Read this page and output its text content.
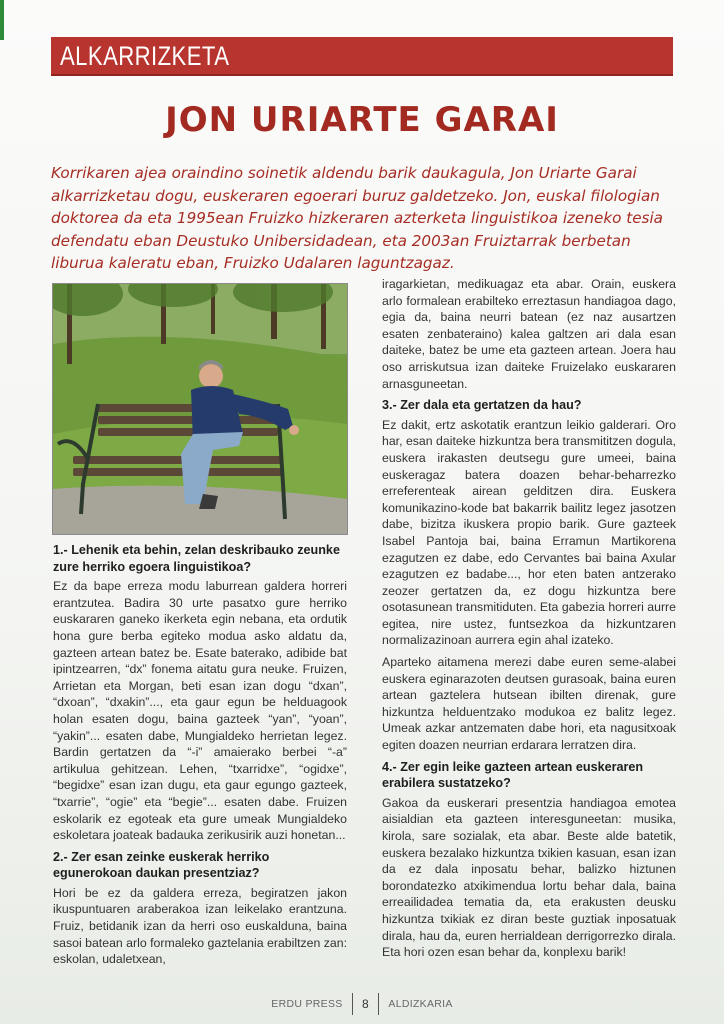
ALKARRIZKETA
JON URIARTE GARAI
Korrikaren ajea oraindino soinetik aldendu barik daukagula, Jon Uriarte Garai alkarrizketau dogu, euskeraren egoerari buruz galdetzeko. Jon, euskal filologian doktorea da eta 1995ean Fruizko hizkeraren azterketa linguistikoa izeneko tesia defendatu eban Deustuko Unibersidadean, eta 2003an Fruiztarrak berbetan liburua kaleratu eban, Fruizko Udalaren laguntzagaz.
1.- Lehenik eta behin, zelan deskribauko zeunke zure herriko egoera linguistikoa?

Ez da bape erreza modu laburrean galdera horreri erantzutea. Badira 30 urte pasatxo gure herriko euskararen ganeko ikerketa egin nebana, eta ordutik hona gure berba egiteko modua asko aldatu da, gazteen artean batez be. Esate baterako, adibide bat ipintzearren, “dx” fonema aitatu gura neuke. Fruizen, Arrietan eta Morgan, beti esan izan dogu “dxan”, “dxoan”, “dxakin”..., eta gaur egun be helduagook holan esaten dogu, baina gazteek “yan”, “yoan”, “yakin”... esaten dabe, Mungialdeko herrietan legez. Bardin gertatzen da “-i” amaierako berbei “-a” artikulua gehitzean. Lehen, “txarridxe”, “ogidxe”, “begidxe” esan izan dugu, eta gaur egungo gazteek, “txarrie”, “ogie” eta “begie”... esaten dabe. Fruizen eskolarik ez egoteak eta gure umeak Mungialdeko eskoletara joateak badauka zerikusirik auzi honetan...

2.- Zer esan zeinke euskerak herriko egunerokoan daukan presentziaz?

Hori be ez da galdera erreza, begiratzen jakon ikuspuntuaren araberakoa izan leikelako erantzuna. Fruiz, betidanik izan da herri oso euskalduna, baina sasoi batean arlo formaleko gaztelania erabiltzen zan: eskolan, udaletxean,

iragarkietan, medikuagaz eta abar. Orain, euskera arlo formalean erabilteko erreztasun handiagoa dago, egia da, baina neurri batean (ez naz ausartzen esaten zenbateraino) kalea galtzen ari dala esan daiteke, batez be ume eta gazteen artean. Joera hau oso arriskutsua izan daiteke Fruizelako euskararen arnasguneetan.

3.- Zer dala eta gertatzen da hau?

Ez dakit, ertz askotatik erantzun leikio galderari. Oro har, esan daiteke hizkuntza bera transmititzen dogula, euskera irakasten deutsegu gure umeei, baina euskeragaz batera doazen behar-beharrezko erreferenteak airean gelditzen dira. Euskera komunikazino-kode bat bakarrik bailitz legez jasotzen dabe, bizitza ikuskera propio barik. Gure gazteek Isabel Pantoja bai, baina Erramun Martikorena ezagutzen ez dabe, edo Cervantes bai baina Axular ezagutzen ez badabe..., hor eten baten antzerako zeozer gertatzen da, ez dogu hizkuntza bere osotasunean transmitiduten. Eta gabezia horreri aurre egitea, nire ustez, funtsezkoa da hizkuntzaren normalizazinoan aurrera egin ahal izateko.

Aparteko aitamena merezi dabe euren seme-alabei euskera eginarazoten deutsen gurasoak, baina euren artean gaztelera hutsean ibilten direnak, gure hizkuntza helduentzako modukoa ez balitz legez. Umeak azkar antzematen dabe hori, eta nagusitxoak egiten doazen neurrian erdarara lerratzen dira.

4.- Zer egin leike gazteen artean euskeraren erabilera sustatzeko?

Gakoa da euskerari presentzia handiagoa emotea aisialdian eta gazteen interesguneetan: musika, kirola, sare sozialak, eta abar. Beste alde batetik, euskera bezalako hizkuntza txikien kasuan, esan izan da ez dala inposatu behar, balizko hiztunen borondatezko atxikimendua lortu behar dala, baina erreailidadea tematia da, eta erakusten deusku hizkuntza txikiak ez diran beste guztiak inposatuak dirala, hau da, euren herrialdean derrigorrezko dirala. Eta hori ozen esan behar da, konplexu barik!

ERDU PRESS 8 ALDIZKARIA
